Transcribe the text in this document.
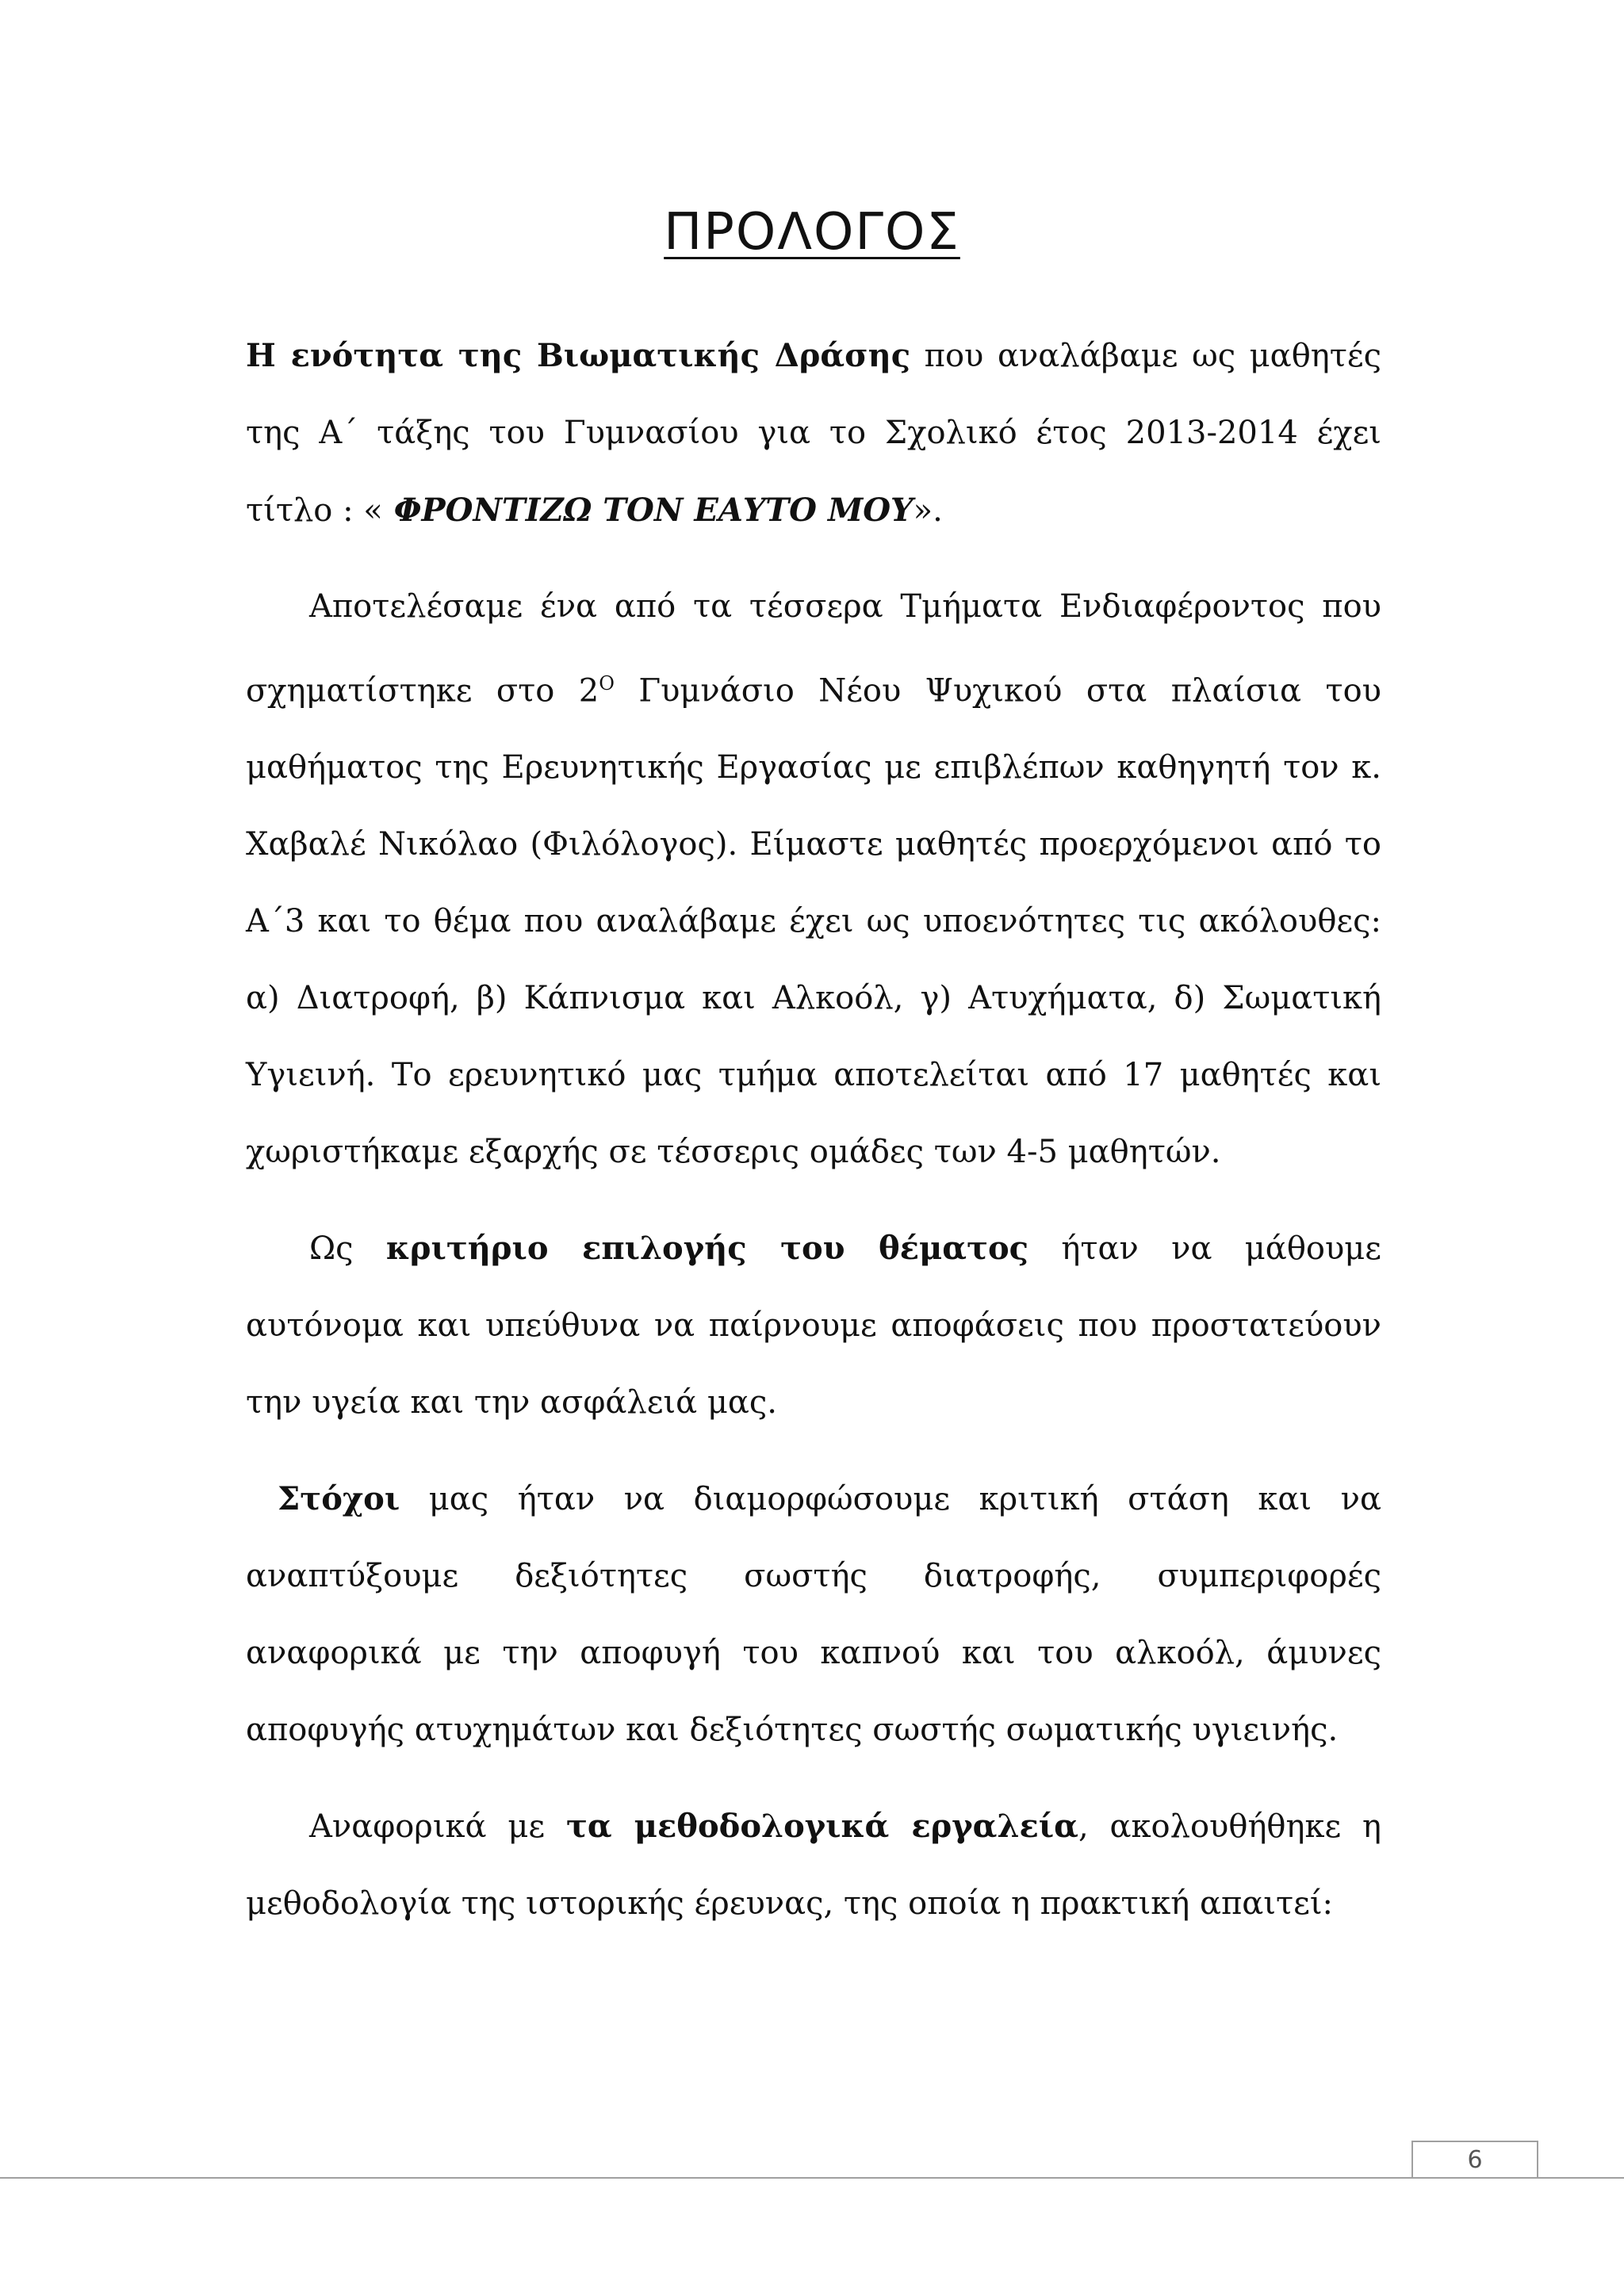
ΠΡΟΛΟΓΟΣ

Η ενότητα της Βιωματικής Δράσης που αναλάβαμε ως μαθητές της Α΄ τάξης του Γυμνασίου για το Σχολικό έτος 2013-2014 έχει τίτλο : « ΦΡΟΝΤΙΖΩ ΤΟΝ ΕΑΥΤΟ ΜΟΥ».

Αποτελέσαμε ένα από τα τέσσερα Τμήματα Ενδιαφέροντος που σχηματίστηκε στο $2^O$ Γυμνάσιο Νέου Ψυχικού στα πλαίσια του μαθήματος της Ερευνητικής Εργασίας με επιβλέπων καθηγητή τον κ. Χαβαλέ Νικόλαο (Φιλόλογος). Είμαστε μαθητές προερχόμενοι από το Α΄3 και το θέμα που αναλάβαμε έχει ως υποενότητες τις ακόλουθες: α) Διατροφή, β) Κάπνισμα και Αλκοόλ, γ) Ατυχήματα, δ) Σωματική Υγιεινή. Το ερευνητικό μας τμήμα αποτελείται από 17 μαθητές και χωριστήκαμε εξαρχής σε τέσσερις ομάδες των 4-5 μαθητών.

Ως κριτήριο επιλογής του θέματος ήταν να μάθουμε αυτόνομα και υπεύθυνα να παίρνουμε αποφάσεις που προστατεύουν την υγεία και την ασφάλειά μας.

Στόχοι μας ήταν να διαμορφώσουμε κριτική στάση και να αναπτύξουμε δεξιότητες σωστής διατροφής, συμπεριφορές αναφορικά με την αποφυγή του καπνού και του αλκοόλ, άμυνες αποφυγής ατυχημάτων και δεξιότητες σωστής σωματικής υγιεινής.

Αναφορικά με τα μεθοδολογικά εργαλεία, ακολουθήθηκε η μεθοδολογία της ιστορικής έρευνας, της οποία η πρακτική απαιτεί:

6
